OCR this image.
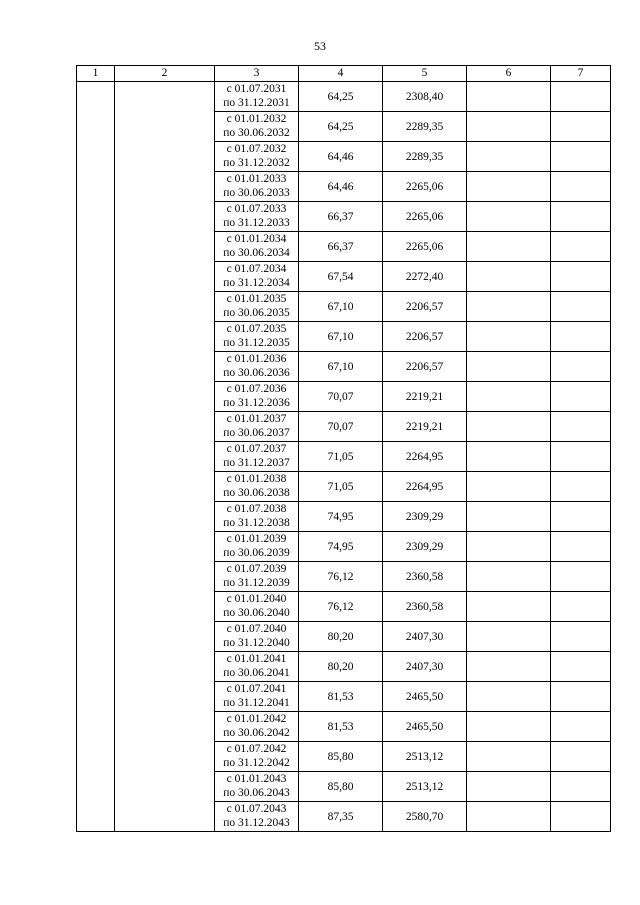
53
1	2	3	4	5	6	7

		с 01.07.2031
по 31.12.2031	64,25	2308,40		

		с 01.01.2032
по 30.06.2032	64,25	2289,35		

		с 01.07.2032
по 31.12.2032	64,46	2289,35		

		с 01.01.2033
по 30.06.2033	64,46	2265,06		

		с 01.07.2033
по 31.12.2033	66,37	2265,06		

		с 01.01.2034
по 30.06.2034	66,37	2265,06		

		с 01.07.2034
по 31.12.2034	67,54	2272,40		

		с 01.01.2035
по 30.06.2035	67,10	2206,57		

		с 01.07.2035
по 31.12.2035	67,10	2206,57		

		с 01.01.2036
по 30.06.2036	67,10	2206,57		

		с 01.07.2036
по 31.12.2036	70,07	2219,21		

		с 01.01.2037
по 30.06.2037	70,07	2219,21		

		с 01.07.2037
по 31.12.2037	71,05	2264,95		

		с 01.01.2038
по 30.06.2038	71,05	2264,95		

		с 01.07.2038
по 31.12.2038	74,95	2309,29		

		с 01.01.2039
по 30.06.2039	74,95	2309,29		

		с 01.07.2039
по 31.12.2039	76,12	2360,58		

		с 01.01.2040
по 30.06.2040	76,12	2360,58		

		с 01.07.2040
по 31.12.2040	80,20	2407,30		

		с 01.01.2041
по 30.06.2041	80,20	2407,30		

		с 01.07.2041
по 31.12.2041	81,53	2465,50		

		с 01.01.2042
по 30.06.2042	81,53	2465,50		

		с 01.07.2042
по 31.12.2042	85,80	2513,12		

		с 01.01.2043
по 30.06.2043	85,80	2513,12		

		с 01.07.2043
по 31.12.2043	87,35	2580,70		
